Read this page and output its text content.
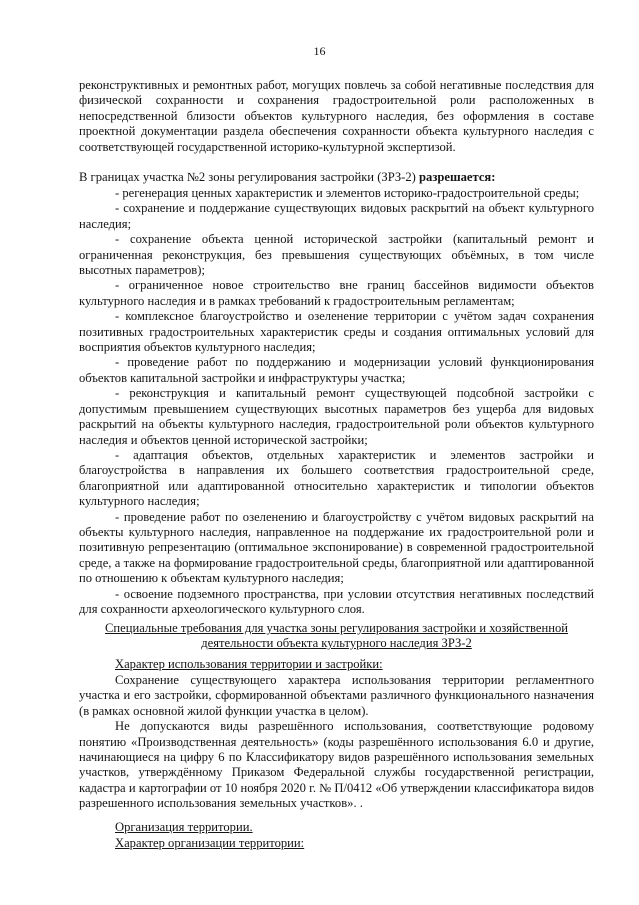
16
реконструктивных и ремонтных работ, могущих повлечь за собой негативные последствия для физической сохранности и сохранения градостроительной роли расположенных в непосредственной близости объектов культурного наследия, без оформления в составе проектной документации раздела обеспечения сохранности объекта культурного наследия с соответствующей государственной историко-культурной экспертизой.
В границах участка №2 зоны регулирования застройки (ЗРЗ-2) разрешается:
- регенерация ценных характеристик и элементов историко-градостроительной среды;
- сохранение и поддержание существующих видовых раскрытий на объект культурного наследия;
- сохранение объекта ценной исторической застройки (капитальный ремонт и ограниченная реконструкция, без превышения существующих объёмных, в том числе высотных параметров);
- ограниченное новое строительство вне границ бассейнов видимости объектов культурного наследия и в рамках требований к градостроительным регламентам;
- комплексное благоустройство и озеленение территории с учётом задач сохранения позитивных градостроительных характеристик среды и создания оптимальных условий для восприятия объектов культурного наследия;
- проведение работ по поддержанию и модернизации условий функционирования объектов капитальной застройки и инфраструктуры участка;
- реконструкция и капитальный ремонт существующей подсобной застройки с допустимым превышением существующих высотных параметров без ущерба для видовых раскрытий на объекты культурного наследия, градостроительной роли объектов культурного наследия и объектов ценной исторической застройки;
- адаптация объектов, отдельных характеристик и элементов застройки и благоустройства в направления их большего соответствия градостроительной среде, благоприятной или адаптированной относительно характеристик и типологии объектов культурного наследия;
- проведение работ по озеленению и благоустройству с учётом видовых раскрытий на объекты культурного наследия, направленное на поддержание их градостроительной роли и позитивную репрезентацию (оптимальное экспонирование) в современной градостроительной среде, а также на формирование градостроительной среды, благоприятной или адаптированной по отношению к объектам культурного наследия;
- освоение подземного пространства, при условии отсутствия негативных последствий для сохранности археологического культурного слоя.
Специальные требования для участка зоны регулирования застройки и хозяйственной деятельности объекта культурного наследия ЗРЗ-2
Характер использования территории и застройки:
Сохранение существующего характера использования территории регламентного участка и его застройки, сформированной объектами различного функционального назначения (в рамках основной жилой функции участка в целом).
Не допускаются виды разрешённого использования, соответствующие родовому понятию «Производственная деятельность» (коды разрешённого использования 6.0 и другие, начинающиеся на цифру 6 по Классификатору видов разрешённого использования земельных участков, утверждённому Приказом Федеральной службы государственной регистрации, кадастра и картографии от 10 ноября 2020 г. № П/0412 «Об утверждении классификатора видов разрешенного использования земельных участков». .
Организация территории.
Характер организации территории:
